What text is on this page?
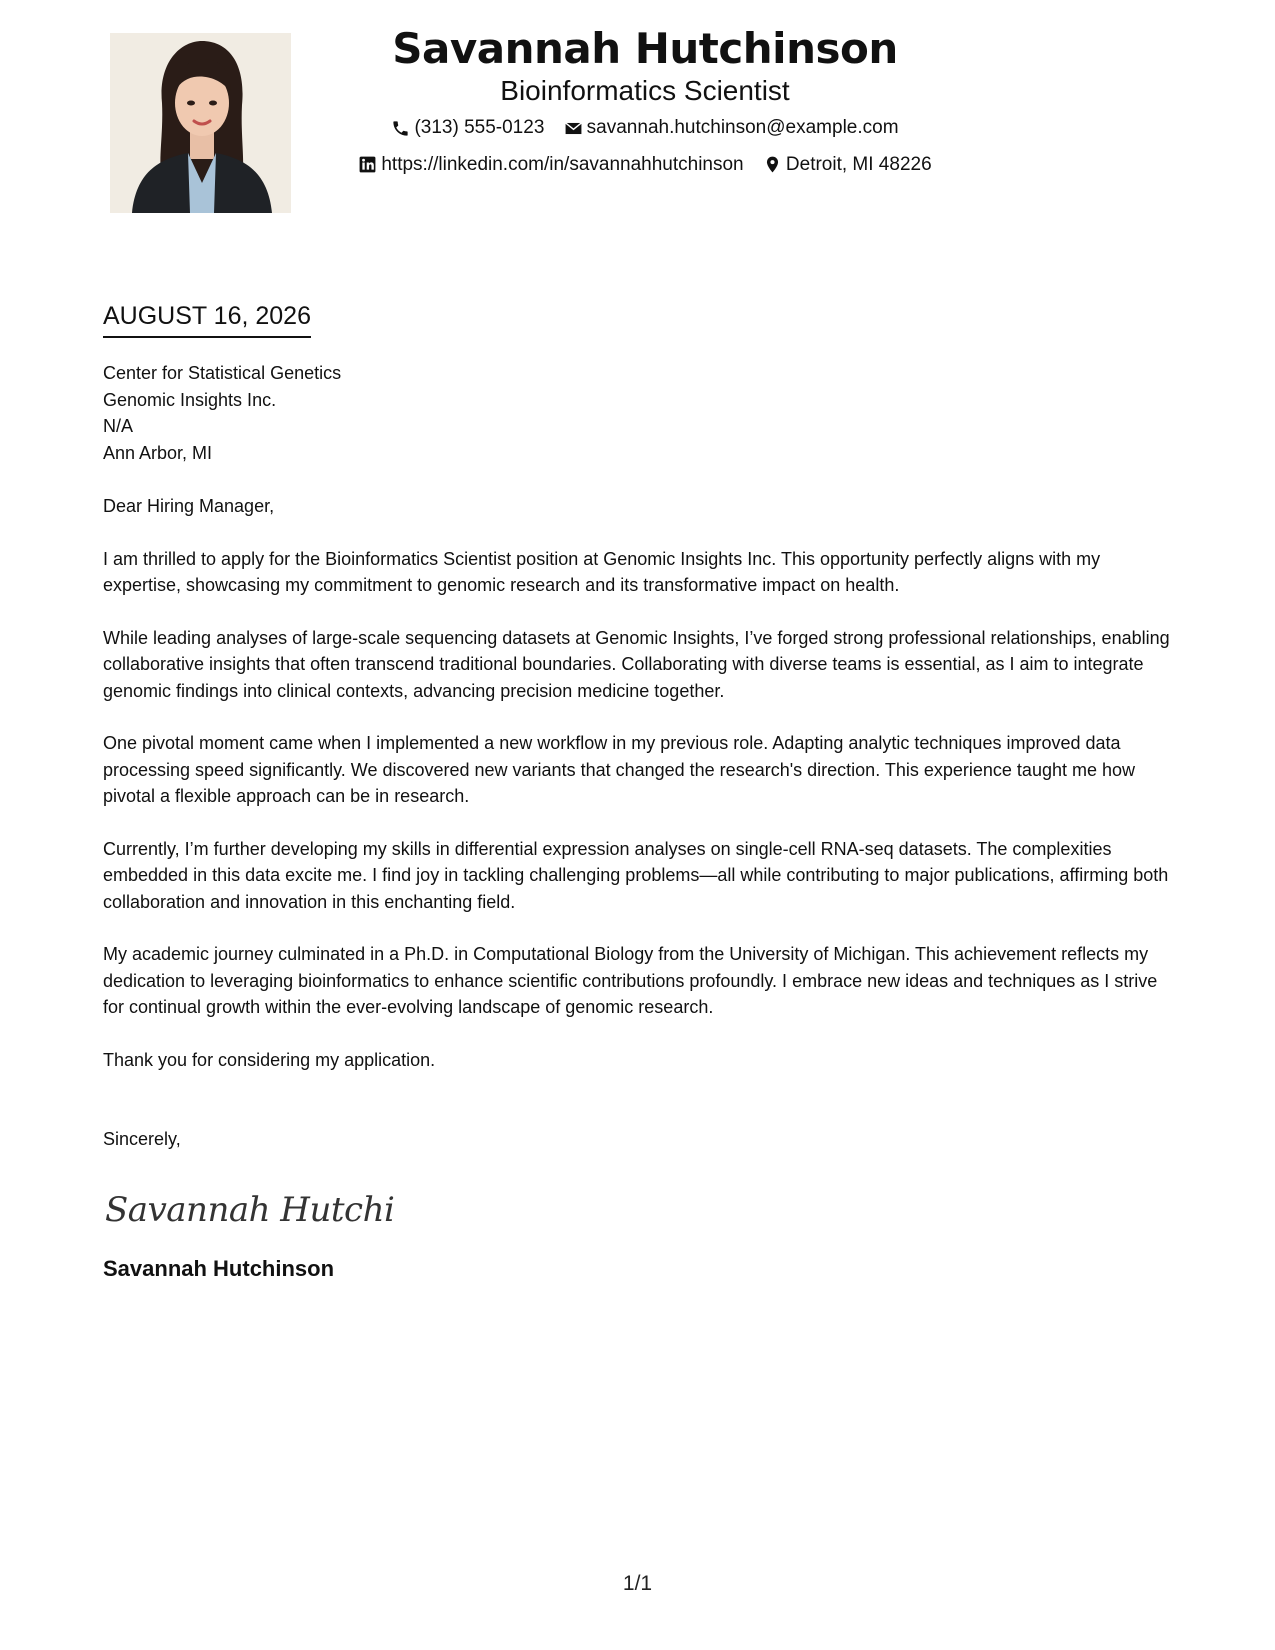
Savannah Hutchinson
Bioinformatics Scientist
(313) 555-0123
savannah.hutchinson@example.com
https://linkedin.com/in/savannahhutchinson
Detroit, MI 48226
AUGUST 16, 2026
Center for Statistical Genetics
Genomic Insights Inc.
N/A
Ann Arbor, MI
Dear Hiring Manager,
I am thrilled to apply for the Bioinformatics Scientist position at Genomic Insights Inc. This opportunity perfectly aligns with my expertise, showcasing my commitment to genomic research and its transformative impact on health.
While leading analyses of large-scale sequencing datasets at Genomic Insights, I’ve forged strong professional relationships, enabling collaborative insights that often transcend traditional boundaries. Collaborating with diverse teams is essential, as I aim to integrate genomic findings into clinical contexts, advancing precision medicine together.
One pivotal moment came when I implemented a new workflow in my previous role. Adapting analytic techniques improved data processing speed significantly. We discovered new variants that changed the research's direction. This experience taught me how pivotal a flexible approach can be in research.
Currently, I’m further developing my skills in differential expression analyses on single-cell RNA-seq datasets. The complexities embedded in this data excite me. I find joy in tackling challenging problems—all while contributing to major publications, affirming both collaboration and innovation in this enchanting field.
My academic journey culminated in a Ph.D. in Computational Biology from the University of Michigan. This achievement reflects my dedication to leveraging bioinformatics to enhance scientific contributions profoundly. I embrace new ideas and techniques as I strive for continual growth within the ever-evolving landscape of genomic research.
Thank you for considering my application.
Sincerely,
Savannah Hutchi
Savannah Hutchinson
1/1
